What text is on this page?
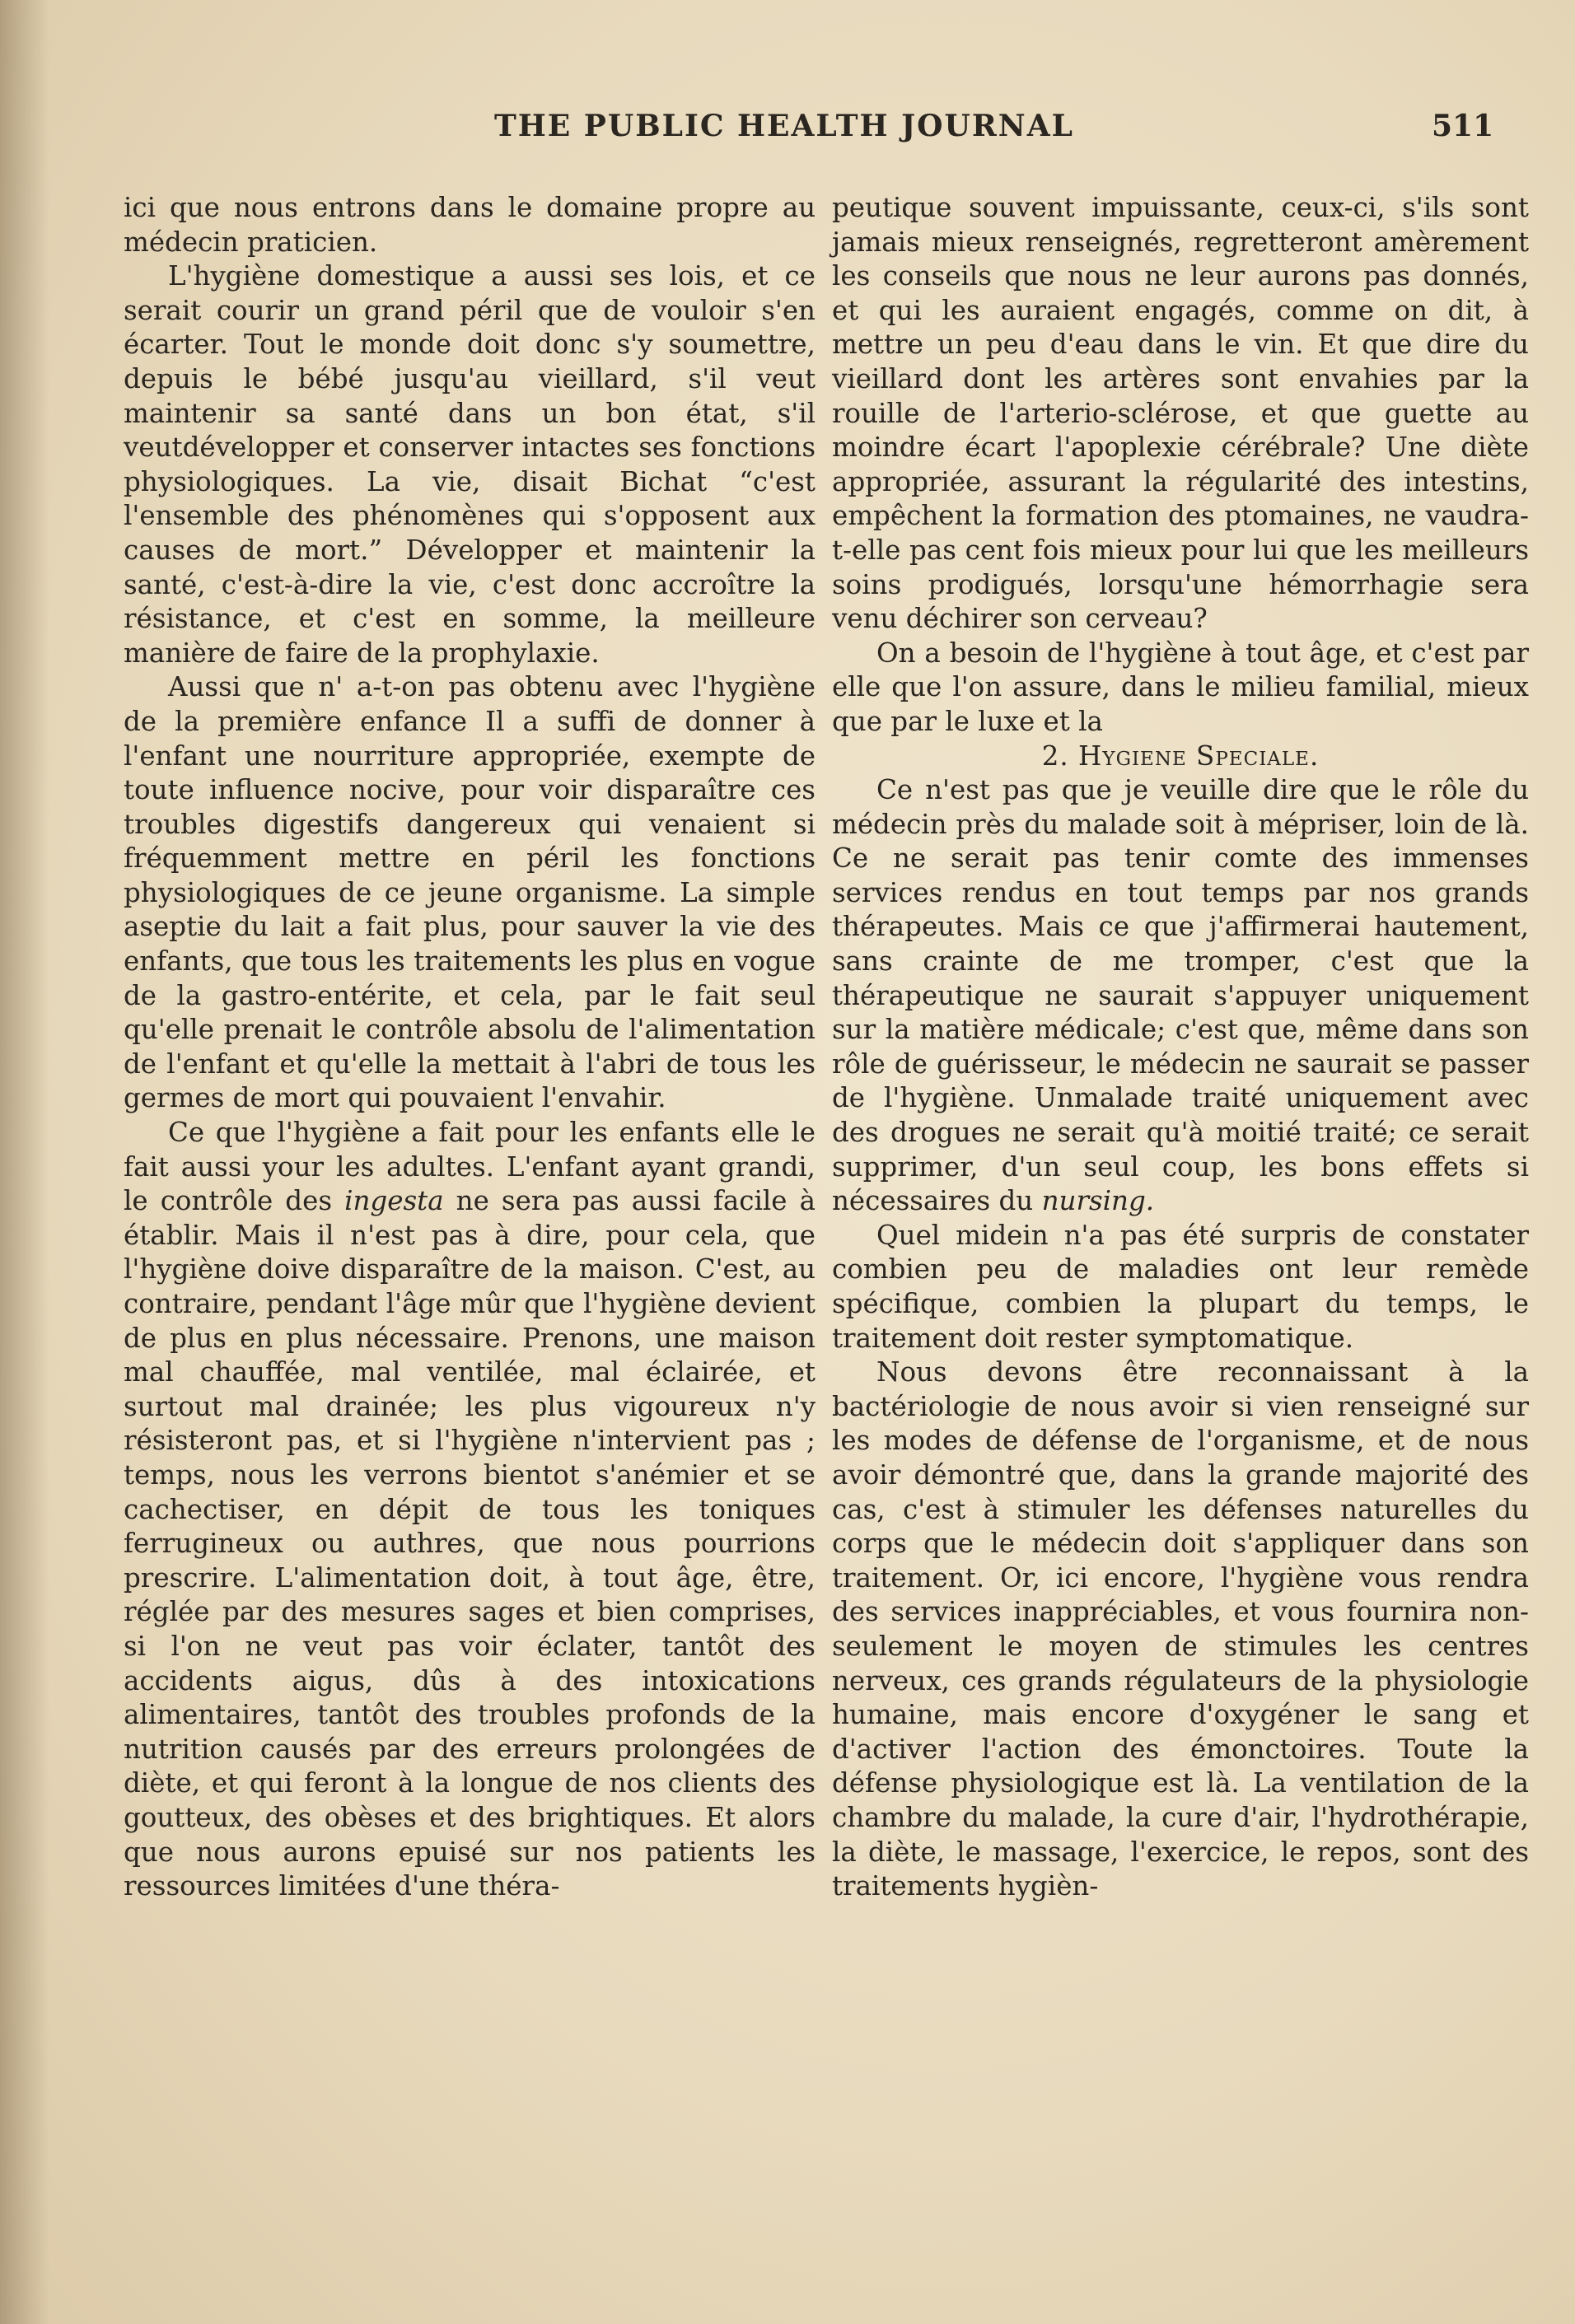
THE PUBLIC HEALTH JOURNAL	511

ici que nous entrons dans le domaine propre au médecin praticien.

L'hygiène domestique a aussi ses lois, et ce serait courir un grand péril que de vouloir s'en écarter. Tout le monde doit donc s'y soumettre, depuis le bébé jusqu'au vieillard, s'il veut maintenir sa santé dans un bon état, s'il veutdévelopper et conserver intactes ses fonctions physiologiques. La vie, disait Bichat “c'est l'ensemble des phénomènes qui s'opposent aux causes de mort.” Développer et maintenir la santé, c'est-à-dire la vie, c'est donc accroître la résistance, et c'est en somme, la meilleure manière de faire de la prophylaxie.

Aussi que n' a-t-on pas obtenu avec l'hygiène de la première enfance Il a suffi de donner à l'enfant une nourriture appropriée, exempte de toute influence nocive, pour voir disparaître ces troubles digestifs dangereux qui venaient si fréquemment mettre en péril les fonctions physiologiques de ce jeune organisme. La simple aseptie du lait a fait plus, pour sauver la vie des enfants, que tous les traitements les plus en vogue de la gastro-entérite, et cela, par le fait seul qu'elle prenait le contrôle absolu de l'alimentation de l'enfant et qu'elle la mettait à l'abri de tous les germes de mort qui pouvaient l'envahir.

Ce que l'hygiène a fait pour les enfants elle le fait aussi your les adultes. L'enfant ayant grandi, le contrôle des ingesta ne sera pas aussi facile à établir. Mais il n'est pas à dire, pour cela, que l'hygiène doive disparaître de la maison. C'est, au contraire, pendant l'âge mûr que l'hygiène devient de plus en plus nécessaire. Prenons, une maison mal chauffée, mal ventilée, mal éclairée, et surtout mal drainée; les plus vigoureux n'y résisteront pas, et si l'hygiène n'intervient pas ; temps, nous les verrons bientot s'anémier et se cachectiser, en dépit de tous les toniques ferrugineux ou authres, que nous pourrions prescrire. L'alimentation doit, à tout âge, être, réglée par des mesures sages et bien comprises, si l'on ne veut pas voir éclater, tantôt des accidents aigus, dûs à des intoxications alimentaires, tantôt des troubles profonds de la nutrition causés par des erreurs prolongées de diète, et qui feront à la longue de nos clients des goutteux, des obèses et des brightiques. Et alors que nous aurons epuisé sur nos patients les ressources limitées d'une théra-

peutique souvent impuissante, ceux-ci, s'ils sont jamais mieux renseignés, regretteront amèrement les conseils que nous ne leur aurons pas donnés, et qui les auraient engagés, comme on dit, à mettre un peu d'eau dans le vin. Et que dire du vieillard dont les artères sont envahies par la rouille de l'arterio-sclérose, et que guette au moindre écart l'apoplexie cérébrale? Une diète appropriée, assurant la régularité des intestins, empêchent la formation des ptomaines, ne vaudra-t-elle pas cent fois mieux pour lui que les meilleurs soins prodigués, lorsqu'une hémorrhagie sera venu déchirer son cerveau?

On a besoin de l'hygiène à tout âge, et c'est par elle que l'on assure, dans le milieu familial, mieux que par le luxe et la

2. Hygiene Speciale.

Ce n'est pas que je veuille dire que le rôle du médecin près du malade soit à mépriser, loin de là. Ce ne serait pas tenir comte des immenses services rendus en tout temps par nos grands thérapeutes. Mais ce que j'affirmerai hautement, sans crainte de me tromper, c'est que la thérapeutique ne saurait s'appuyer uniquement sur la matière médicale; c'est que, même dans son rôle de guérisseur, le médecin ne saurait se passer de l'hygiène. Unmalade traité uniquement avec des drogues ne serait qu'à moitié traité; ce serait supprimer, d'un seul coup, les bons effets si nécessaires du nursing.

Quel midein n'a pas été surpris de constater combien peu de maladies ont leur remède spécifique, combien la plupart du temps, le traitement doit rester symptomatique.

Nous devons être reconnaissant à la bactériologie de nous avoir si vien renseigné sur les modes de défense de l'organisme, et de nous avoir démontré que, dans la grande majorité des cas, c'est à stimuler les défenses naturelles du corps que le médecin doit s'appliquer dans son traitement. Or, ici encore, l'hygiène vous rendra des services inappréciables, et vous fournira non-seulement le moyen de stimules les centres nerveux, ces grands régulateurs de la physiologie humaine, mais encore d'oxygéner le sang et d'activer l'action des émonctoires. Toute la défense physiologique est là. La ventilation de la chambre du malade, la cure d'air, l'hydrothérapie, la diète, le massage, l'exercice, le repos, sont des traitements hygièn-
